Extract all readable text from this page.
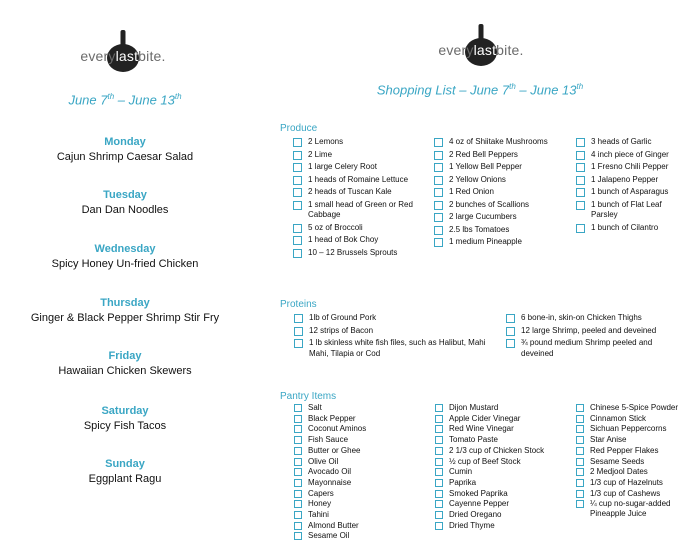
everylastbite.	everylastbite.
June 7th – June 13th	Shopping List – June 7th – June 13th
Monday
Cajun Shrimp Caesar Salad
Tuesday
Dan Dan Noodles
Wednesday
Spicy Honey Un-fried Chicken
Thursday
Ginger & Black Pepper Shrimp Stir Fry
Friday
Hawaiian Chicken Skewers
Saturday
Spicy Fish Tacos
Sunday
Eggplant Ragu
Produce
2 Lemons
2 Lime
1 large Celery Root
1 heads of Romaine Lettuce
2 heads of Tuscan Kale
1 small head of Green or Red Cabbage
5 oz of Broccoli
1 head of Bok Choy
10 – 12 Brussels Sprouts
4 oz of Shiitake Mushrooms
2 Red Bell Peppers
1 Yellow Bell Pepper
2 Yellow Onions
1 Red Onion
2 bunches of Scallions
2 large Cucumbers
2.5 lbs Tomatoes
1 medium Pineapple
3 heads of Garlic
4 inch piece of Ginger
1 Fresno Chili Pepper
1 Jalapeno Pepper
1 bunch of Asparagus
1 bunch of Flat Leaf Parsley
1 bunch of Cilantro
Proteins
1lb of Ground Pork
12 strips of Bacon
1 lb skinless white fish files, such as Halibut, Mahi Mahi, Tilapia or Cod
6 bone-in, skin-on Chicken Thighs
12 large Shrimp, peeled and deveined
¾ pound medium Shrimp peeled and deveined
Pantry Items
Salt
Black Pepper
Coconut Aminos
Fish Sauce
Butter or Ghee
Olive Oil
Avocado Oil
Mayonnaise
Capers
Honey
Tahini
Almond Butter
Sesame Oil
Dijon Mustard
Apple Cider Vinegar
Red Wine Vinegar
Tomato Paste
2 1/3 cup of Chicken Stock
½ cup of Beef Stock
Cumin
Paprika
Smoked Paprika
Cayenne Pepper
Dried Oregano
Dried Thyme
Chinese 5-Spice Powder
Cinnamon Stick
Sichuan Peppercorns
Star Anise
Red Pepper Flakes
Sesame Seeds
2 Medjool Dates
1/3 cup of Hazelnuts
1/3 cup of Cashews
¼ cup no-sugar-added Pineapple Juice
